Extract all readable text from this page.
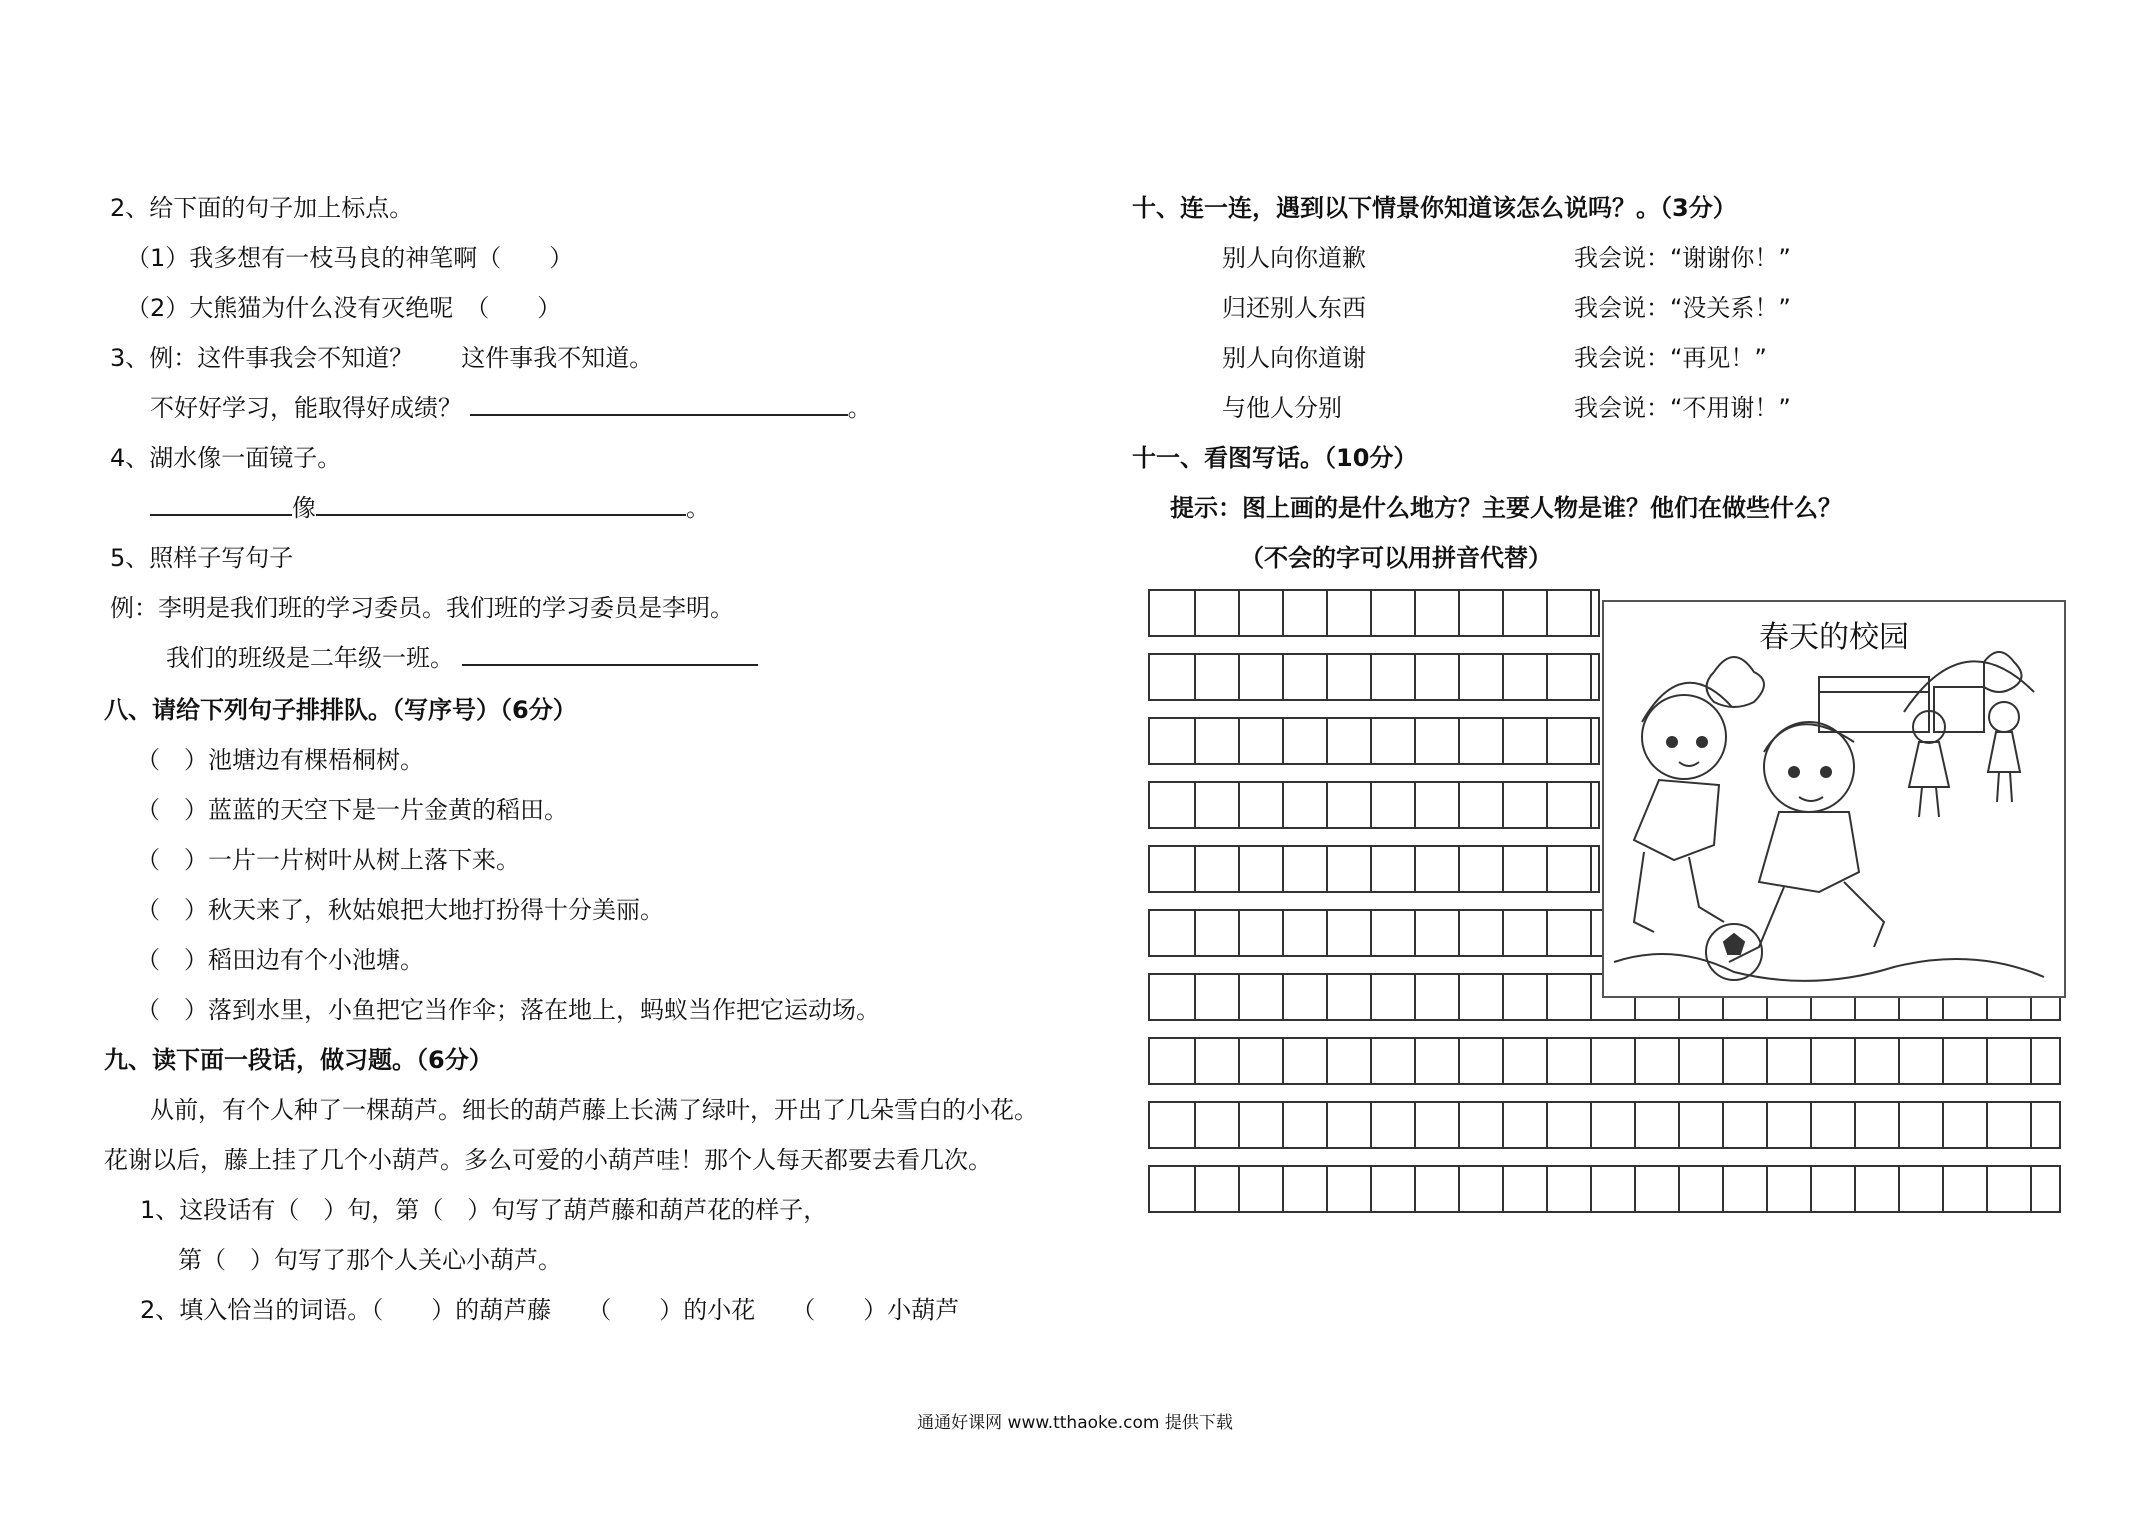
2、给下面的句子加上标点。
（1）我多想有一枝马良的神笔啊（　　）
（2）大熊猫为什么没有灭绝呢　（　　）
3、例：这件事我会不知道？　　这件事我不知道。
不好好学习，能取得好成绩？	。
4、湖水像一面镜子。
像	。
5、照样子写句子
例：李明是我们班的学习委员。我们班的学习委员是李明。
我们的班级是二年级一班。
八、请给下列句子排排队。（写序号）（6分）
（　）池塘边有棵梧桐树。
（　）蓝蓝的天空下是一片金黄的稻田。
（　）一片一片树叶从树上落下来。
（　）秋天来了，秋姑娘把大地打扮得十分美丽。
（　）稻田边有个小池塘。
（　）落到水里，小鱼把它当作伞；落在地上，蚂蚁当作把它运动场。
九、读下面一段话，做习题。（6分）
从前，有个人种了一棵葫芦。细长的葫芦藤上长满了绿叶，开出了几朵雪白的小花。
花谢以后，藤上挂了几个小葫芦。多么可爱的小葫芦哇！那个人每天都要去看几次。
1、这段话有（　）句，第（　）句写了葫芦藤和葫芦花的样子，
第（　）句写了那个人关心小葫芦。
2、填入恰当的词语。（　　）的葫芦藤　　（　　）的小花　　（　　）小葫芦
十、连一连，遇到以下情景你知道该怎么说吗？。（3分）
别人向你道歉
归还别人东西
别人向你道谢
与他人分别
我会说：“谢谢你！”
我会说：“没关系！”
我会说：“再见！”
我会说：“不用谢！”
十一、看图写话。（10分）
提示：图上画的是什么地方？主要人物是谁？他们在做些什么？
（不会的字可以用拼音代替）
春天的校园
通通好课网 www.tthaoke.com 提供下载
